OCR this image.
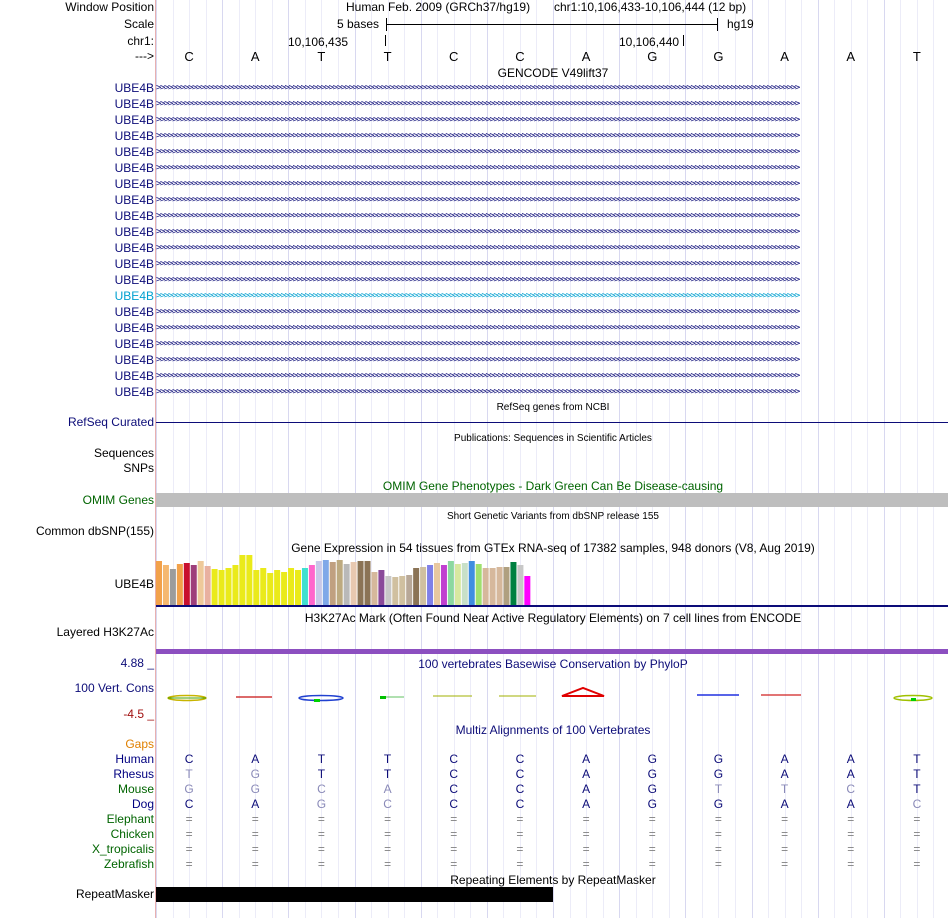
Window Position
Scale
chr1:
--->
Human Feb. 2009 (GRCh37/hg19) chr1:10,106,433-10,106,444 (12 bp)
5 bases	hg19
10,106,435	10,106,440
C	A	T	T	C	C	A	G	G	A	A	T
GENCODE V49lift37
UBE4B >>>>>>>>>>>>>>>>>>>>>>>>>>>>>>>>>>>>>>>>>>>>>>>>>>>>>>>>>>>>>>>>>>>>>>>>>>>>>>>>>>>>>>>>>>>>>>>>>>>>>>>>>>>>>>>>>>>>>>>>>>>>>>>>>>>>>>>>>>>>>>>>>>>>>>>>>>>>>>>>
UBE4B >>>>>>>>>>>>>>>>>>>>>>>>>>>>>>>>>>>>>>>>>>>>>>>>>>>>>>>>>>>>>>>>>>>>>>>>>>>>>>>>>>>>>>>>>>>>>>>>>>>>>>>>>>>>>>>>>>>>>>>>>>>>>>>>>>>>>>>>>>>>>>>>>>>>>>>>>>>>>>>>
UBE4B >>>>>>>>>>>>>>>>>>>>>>>>>>>>>>>>>>>>>>>>>>>>>>>>>>>>>>>>>>>>>>>>>>>>>>>>>>>>>>>>>>>>>>>>>>>>>>>>>>>>>>>>>>>>>>>>>>>>>>>>>>>>>>>>>>>>>>>>>>>>>>>>>>>>>>>>>>>>>>>>
UBE4B >>>>>>>>>>>>>>>>>>>>>>>>>>>>>>>>>>>>>>>>>>>>>>>>>>>>>>>>>>>>>>>>>>>>>>>>>>>>>>>>>>>>>>>>>>>>>>>>>>>>>>>>>>>>>>>>>>>>>>>>>>>>>>>>>>>>>>>>>>>>>>>>>>>>>>>>>>>>>>>>
UBE4B >>>>>>>>>>>>>>>>>>>>>>>>>>>>>>>>>>>>>>>>>>>>>>>>>>>>>>>>>>>>>>>>>>>>>>>>>>>>>>>>>>>>>>>>>>>>>>>>>>>>>>>>>>>>>>>>>>>>>>>>>>>>>>>>>>>>>>>>>>>>>>>>>>>>>>>>>>>>>>>>
UBE4B >>>>>>>>>>>>>>>>>>>>>>>>>>>>>>>>>>>>>>>>>>>>>>>>>>>>>>>>>>>>>>>>>>>>>>>>>>>>>>>>>>>>>>>>>>>>>>>>>>>>>>>>>>>>>>>>>>>>>>>>>>>>>>>>>>>>>>>>>>>>>>>>>>>>>>>>>>>>>>>>
UBE4B >>>>>>>>>>>>>>>>>>>>>>>>>>>>>>>>>>>>>>>>>>>>>>>>>>>>>>>>>>>>>>>>>>>>>>>>>>>>>>>>>>>>>>>>>>>>>>>>>>>>>>>>>>>>>>>>>>>>>>>>>>>>>>>>>>>>>>>>>>>>>>>>>>>>>>>>>>>>>>>>
UBE4B >>>>>>>>>>>>>>>>>>>>>>>>>>>>>>>>>>>>>>>>>>>>>>>>>>>>>>>>>>>>>>>>>>>>>>>>>>>>>>>>>>>>>>>>>>>>>>>>>>>>>>>>>>>>>>>>>>>>>>>>>>>>>>>>>>>>>>>>>>>>>>>>>>>>>>>>>>>>>>>>
UBE4B >>>>>>>>>>>>>>>>>>>>>>>>>>>>>>>>>>>>>>>>>>>>>>>>>>>>>>>>>>>>>>>>>>>>>>>>>>>>>>>>>>>>>>>>>>>>>>>>>>>>>>>>>>>>>>>>>>>>>>>>>>>>>>>>>>>>>>>>>>>>>>>>>>>>>>>>>>>>>>>>
UBE4B >>>>>>>>>>>>>>>>>>>>>>>>>>>>>>>>>>>>>>>>>>>>>>>>>>>>>>>>>>>>>>>>>>>>>>>>>>>>>>>>>>>>>>>>>>>>>>>>>>>>>>>>>>>>>>>>>>>>>>>>>>>>>>>>>>>>>>>>>>>>>>>>>>>>>>>>>>>>>>>>
UBE4B >>>>>>>>>>>>>>>>>>>>>>>>>>>>>>>>>>>>>>>>>>>>>>>>>>>>>>>>>>>>>>>>>>>>>>>>>>>>>>>>>>>>>>>>>>>>>>>>>>>>>>>>>>>>>>>>>>>>>>>>>>>>>>>>>>>>>>>>>>>>>>>>>>>>>>>>>>>>>>>>
UBE4B >>>>>>>>>>>>>>>>>>>>>>>>>>>>>>>>>>>>>>>>>>>>>>>>>>>>>>>>>>>>>>>>>>>>>>>>>>>>>>>>>>>>>>>>>>>>>>>>>>>>>>>>>>>>>>>>>>>>>>>>>>>>>>>>>>>>>>>>>>>>>>>>>>>>>>>>>>>>>>>>
UBE4B >>>>>>>>>>>>>>>>>>>>>>>>>>>>>>>>>>>>>>>>>>>>>>>>>>>>>>>>>>>>>>>>>>>>>>>>>>>>>>>>>>>>>>>>>>>>>>>>>>>>>>>>>>>>>>>>>>>>>>>>>>>>>>>>>>>>>>>>>>>>>>>>>>>>>>>>>>>>>>>>
UBE4B >>>>>>>>>>>>>>>>>>>>>>>>>>>>>>>>>>>>>>>>>>>>>>>>>>>>>>>>>>>>>>>>>>>>>>>>>>>>>>>>>>>>>>>>>>>>>>>>>>>>>>>>>>>>>>>>>>>>>>>>>>>>>>>>>>>>>>>>>>>>>>>>>>>>>>>>>>>>>>>>
UBE4B >>>>>>>>>>>>>>>>>>>>>>>>>>>>>>>>>>>>>>>>>>>>>>>>>>>>>>>>>>>>>>>>>>>>>>>>>>>>>>>>>>>>>>>>>>>>>>>>>>>>>>>>>>>>>>>>>>>>>>>>>>>>>>>>>>>>>>>>>>>>>>>>>>>>>>>>>>>>>>>>
UBE4B >>>>>>>>>>>>>>>>>>>>>>>>>>>>>>>>>>>>>>>>>>>>>>>>>>>>>>>>>>>>>>>>>>>>>>>>>>>>>>>>>>>>>>>>>>>>>>>>>>>>>>>>>>>>>>>>>>>>>>>>>>>>>>>>>>>>>>>>>>>>>>>>>>>>>>>>>>>>>>>>
UBE4B >>>>>>>>>>>>>>>>>>>>>>>>>>>>>>>>>>>>>>>>>>>>>>>>>>>>>>>>>>>>>>>>>>>>>>>>>>>>>>>>>>>>>>>>>>>>>>>>>>>>>>>>>>>>>>>>>>>>>>>>>>>>>>>>>>>>>>>>>>>>>>>>>>>>>>>>>>>>>>>>
UBE4B >>>>>>>>>>>>>>>>>>>>>>>>>>>>>>>>>>>>>>>>>>>>>>>>>>>>>>>>>>>>>>>>>>>>>>>>>>>>>>>>>>>>>>>>>>>>>>>>>>>>>>>>>>>>>>>>>>>>>>>>>>>>>>>>>>>>>>>>>>>>>>>>>>>>>>>>>>>>>>>>
UBE4B >>>>>>>>>>>>>>>>>>>>>>>>>>>>>>>>>>>>>>>>>>>>>>>>>>>>>>>>>>>>>>>>>>>>>>>>>>>>>>>>>>>>>>>>>>>>>>>>>>>>>>>>>>>>>>>>>>>>>>>>>>>>>>>>>>>>>>>>>>>>>>>>>>>>>>>>>>>>>>>>
UBE4B >>>>>>>>>>>>>>>>>>>>>>>>>>>>>>>>>>>>>>>>>>>>>>>>>>>>>>>>>>>>>>>>>>>>>>>>>>>>>>>>>>>>>>>>>>>>>>>>>>>>>>>>>>>>>>>>>>>>>>>>>>>>>>>>>>>>>>>>>>>>>>>>>>>>>>>>>>>>>>>>
RefSeq genes from NCBI
RefSeq Curated
Publications: Sequences in Scientific Articles
Sequences
SNPs
OMIM Gene Phenotypes - Dark Green Can Be Disease-causing
OMIM Genes
Short Genetic Variants from dbSNP release 155
Common dbSNP(155)
Gene Expression in 54 tissues from GTEx RNA-seq of 17382 samples, 948 donors (V8, Aug 2019)
UBE4B
H3K27Ac Mark (Often Found Near Active Regulatory Elements) on 7 cell lines from ENCODE
Layered H3K27Ac
100 vertebrates Basewise Conservation by PhyloP
4.88 _
100 Vert. Cons
-4.5 _
Multiz Alignments of 100 Vertebrates
Gaps
Human	C	A	T	T	C	C	A	G	G	A	A	T
Rhesus	T	G	T	T	C	C	A	G	G	A	A	T
Mouse	G	G	C	A	C	C	A	G	T	T	C	T
Dog	C	A	G	C	C	C	A	G	G	A	A	C
Elephant	=	=	=	=	=	=	=	=	=	=	=	=
Chicken	=	=	=	=	=	=	=	=	=	=	=	=
X_tropicalis	=	=	=	=	=	=	=	=	=	=	=	=
Zebrafish	=	=	=	=	=	=	=	=	=	=	=	=
Repeating Elements by RepeatMasker
RepeatMasker
